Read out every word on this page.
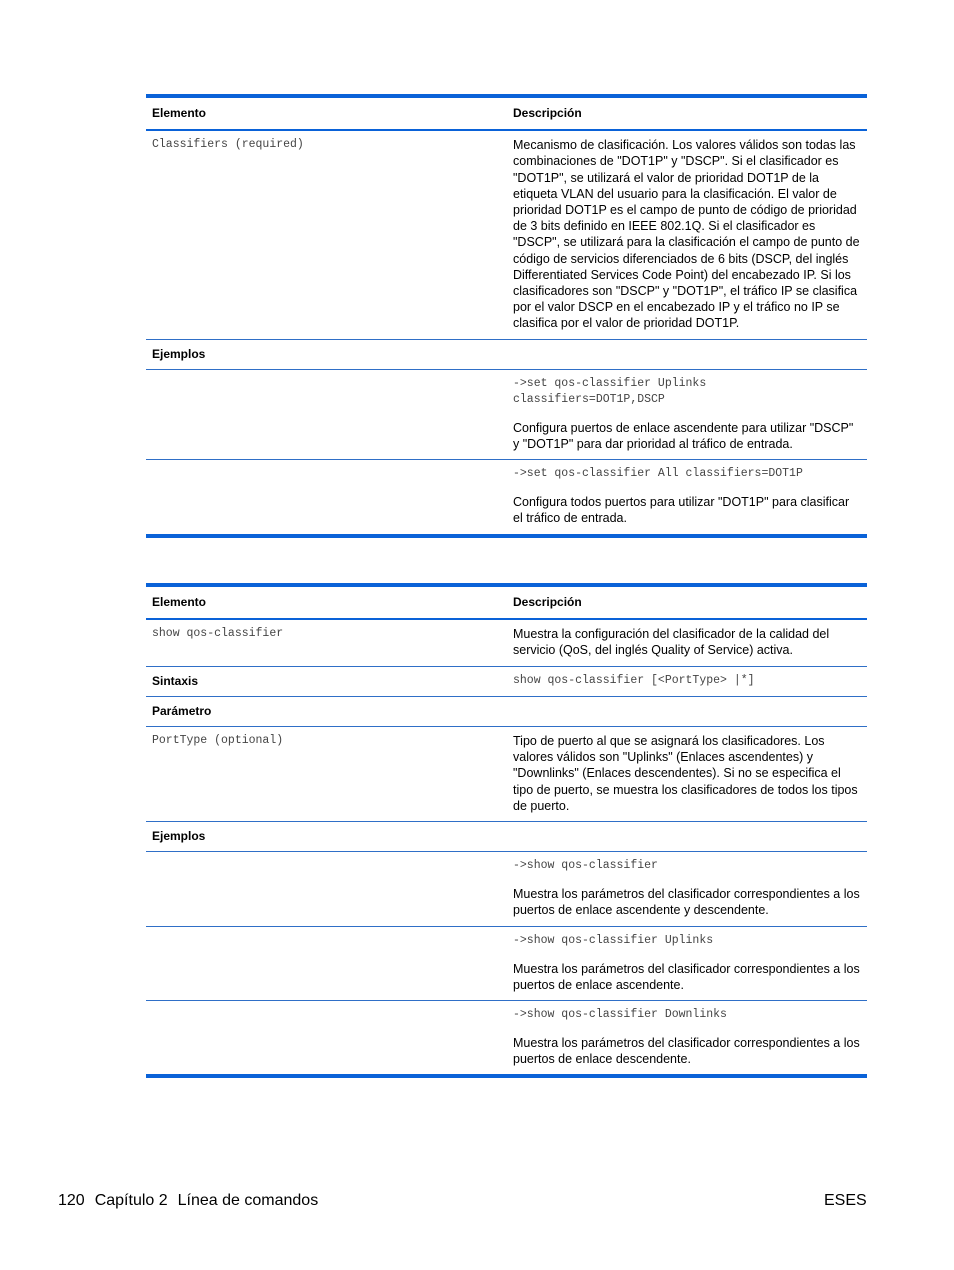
Elemento	Descripción
Classifiers (required)	Mecanismo de clasificación. Los valores válidos son todas las combinaciones de "DOT1P" y "DSCP". Si el clasificador es "DOT1P", se utilizará el valor de prioridad DOT1P de la etiqueta VLAN del usuario para la clasificación. El valor de prioridad DOT1P es el campo de punto de código de prioridad de 3 bits definido en IEEE 802.1Q. Si el clasificador es "DSCP", se utilizará para la clasificación el campo de punto de código de servicios diferenciados de 6 bits (DSCP, del inglés Differentiated Services Code Point) del encabezado IP. Si los clasificadores son "DSCP" y "DOT1P", el tráfico IP se clasifica por el valor DSCP en el encabezado IP y el tráfico no IP se clasifica por el valor de prioridad DOT1P.
Ejemplos	

	->set qos-classifier Uplinks
classifiers=DOT1P,DSCP

Configura puertos de enlace ascendente para utilizar "DSCP" y "DOT1P" para dar prioridad al tráfico de entrada.

	->set qos-classifier All classifiers=DOT1P

Configura todos puertos para utilizar "DOT1P" para clasificar el tráfico de entrada.

Elemento	Descripción
show qos-classifier	Muestra la configuración del clasificador de la calidad del servicio (QoS, del inglés Quality of Service) activa.
Sintaxis	show qos-classifier [<PortType> |*]
Parámetro	
PortType (optional)	Tipo de puerto al que se asignará los clasificadores. Los valores válidos son "Uplinks" (Enlaces ascendentes) y "Downlinks" (Enlaces descendentes). Si no se especifica el tipo de puerto, se muestra los clasificadores de todos los tipos de puerto.
Ejemplos	

	->show qos-classifier

Muestra los parámetros del clasificador correspondientes a los puertos de enlace ascendente y descendente.

	->show qos-classifier Uplinks

Muestra los parámetros del clasificador correspondientes a los puertos de enlace ascendente.

	->show qos-classifier Downlinks

Muestra los parámetros del clasificador correspondientes a los puertos de enlace descendente.

120 Capítulo 2 Línea de comandos	ESES
